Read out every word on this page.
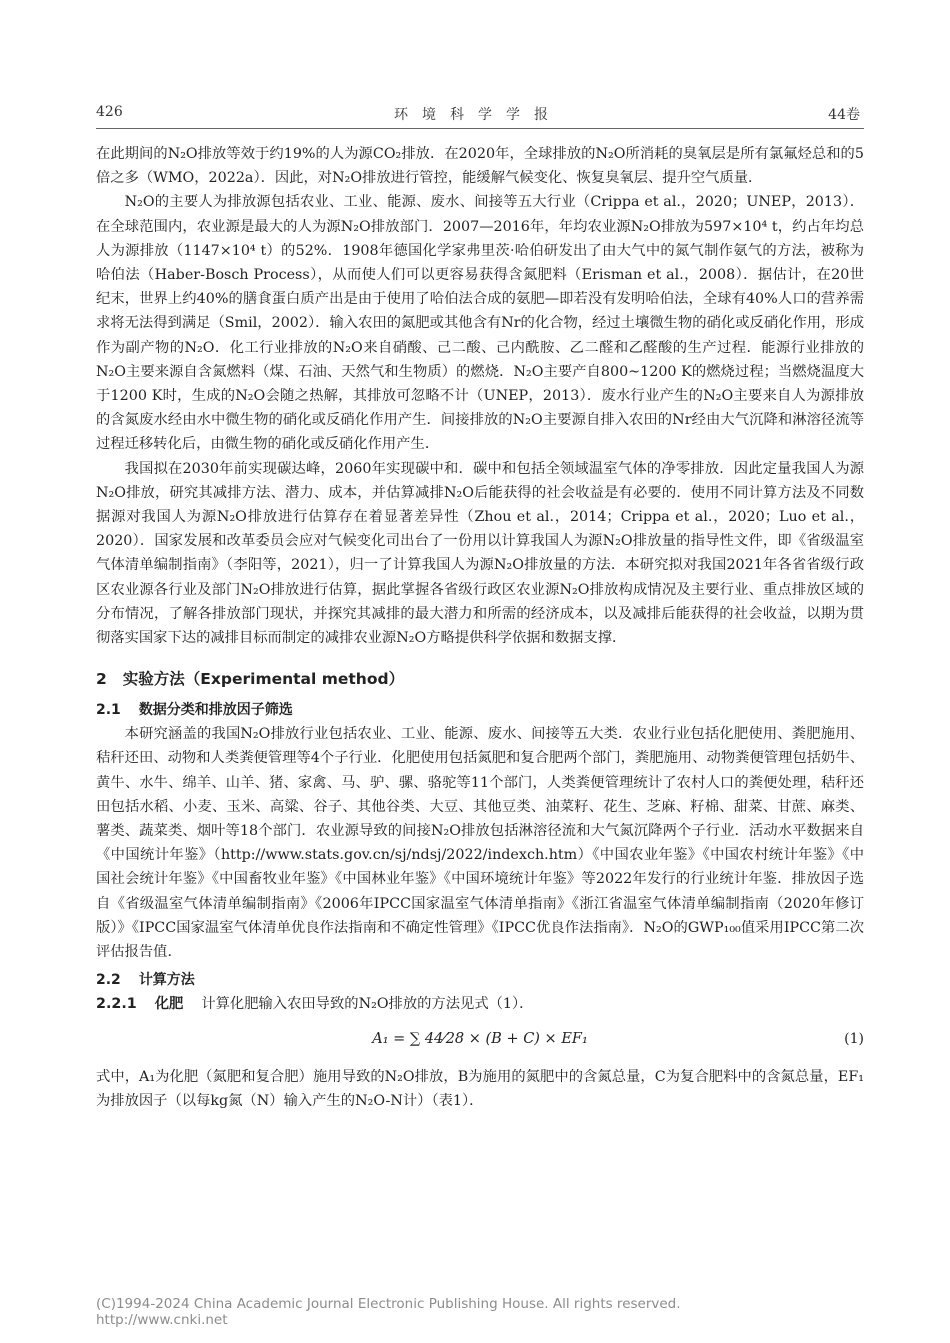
426	环境科学学报	44卷

在此期间的N₂O排放等效于约19%的人为源CO₂排放．在2020年，全球排放的N₂O所消耗的臭氧层是所有氯氟烃总和的5倍之多（WMO，2022a）．因此，对N₂O排放进行管控，能缓解气候变化、恢复臭氧层、提升空气质量．

N₂O的主要人为排放源包括农业、工业、能源、废水、间接等五大行业（Crippa et al.，2020；UNEP，2013）．在全球范围内，农业源是最大的人为源N₂O排放部门．2007—2016年，年均农业源N₂O排放为597×10⁴ t，约占年均总人为源排放（1147×10⁴ t）的52%．1908年德国化学家弗里茨·哈伯研发出了由大气中的氮气制作氨气的方法，被称为哈伯法（Haber-Bosch Process），从而使人们可以更容易获得含氮肥料（Erisman et al.，2008）．据估计，在20世纪末，世界上约40%的膳食蛋白质产出是由于使用了哈伯法合成的氨肥—即若没有发明哈伯法，全球有40%人口的营养需求将无法得到满足（Smil，2002）．输入农田的氮肥或其他含有Nr的化合物，经过土壤微生物的硝化或反硝化作用，形成作为副产物的N₂O．化工行业排放的N₂O来自硝酸、己二酸、己内酰胺、乙二醛和乙醛酸的生产过程．能源行业排放的N₂O主要来源自含氮燃料（煤、石油、天然气和生物质）的燃烧．N₂O主要产自800~1200 K的燃烧过程；当燃烧温度大于1200 K时，生成的N₂O会随之热解，其排放可忽略不计（UNEP，2013）．废水行业产生的N₂O主要来自人为源排放的含氮废水经由水中微生物的硝化或反硝化作用产生．间接排放的N₂O主要源自排入农田的Nr经由大气沉降和淋溶径流等过程迁移转化后，由微生物的硝化或反硝化作用产生．

我国拟在2030年前实现碳达峰，2060年实现碳中和．碳中和包括全领域温室气体的净零排放．因此定量我国人为源N₂O排放，研究其减排方法、潜力、成本，并估算减排N₂O后能获得的社会收益是有必要的．使用不同计算方法及不同数据源对我国人为源N₂O排放进行估算存在着显著差异性（Zhou et al.，2014；Crippa et al.，2020；Luo et al.，2020）．国家发展和改革委员会应对气候变化司出台了一份用以计算我国人为源N₂O排放量的指导性文件，即《省级温室气体清单编制指南》（李阳等，2021），归一了计算我国人为源N₂O排放量的方法．本研究拟对我国2021年各省省级行政区农业源各行业及部门N₂O排放进行估算，据此掌握各省级行政区农业源N₂O排放构成情况及主要行业、重点排放区域的分布情况，了解各排放部门现状，并探究其减排的最大潜力和所需的经济成本，以及减排后能获得的社会收益，以期为贯彻落实国家下达的减排目标而制定的减排农业源N₂O方略提供科学依据和数据支撑．

2 实验方法（Experimental method）
2.1 数据分类和排放因子筛选

本研究涵盖的我国N₂O排放行业包括农业、工业、能源、废水、间接等五大类．农业行业包括化肥使用、粪肥施用、秸秆还田、动物和人类粪便管理等4个子行业．化肥使用包括氮肥和复合肥两个部门，粪肥施用、动物粪便管理包括奶牛、黄牛、水牛、绵羊、山羊、猪、家禽、马、驴、骡、骆驼等11个部门，人类粪便管理统计了农村人口的粪便处理，秸秆还田包括水稻、小麦、玉米、高粱、谷子、其他谷类、大豆、其他豆类、油菜籽、花生、芝麻、籽棉、甜菜、甘蔗、麻类、薯类、蔬菜类、烟叶等18个部门．农业源导致的间接N₂O排放包括淋溶径流和大气氮沉降两个子行业．活动水平数据来自《中国统计年鉴》（http://www.stats.gov.cn/sj/ndsj/2022/indexch.htm）《中国农业年鉴》《中国农村统计年鉴》《中国社会统计年鉴》《中国畜牧业年鉴》《中国林业年鉴》《中国环境统计年鉴》等2022年发行的行业统计年鉴．排放因子选自《省级温室气体清单编制指南》《2006年IPCC国家温室气体清单指南》《浙江省温室气体清单编制指南（2020年修订版）》《IPCC国家温室气体清单优良作法指南和不确定性管理》《IPCC优良作法指南》．N₂O的GWP₁₀₀值采用IPCC第二次评估报告值．

2.2 计算方法

2.2.1 化肥 计算化肥输入农田导致的N₂O排放的方法见式（1）．

A₁ = ∑ 44⁄28 × (B + C) × EF₁	(1)

式中，A₁为化肥（氮肥和复合肥）施用导致的N₂O排放，B为施用的氮肥中的含氮总量，C为复合肥料中的含氮总量，EF₁为排放因子（以每kg氮（N）输入产生的N₂O-N计）（表1）．

(C)1994-2024 China Academic Journal Electronic Publishing House. All rights reserved. http://www.cnki.net
